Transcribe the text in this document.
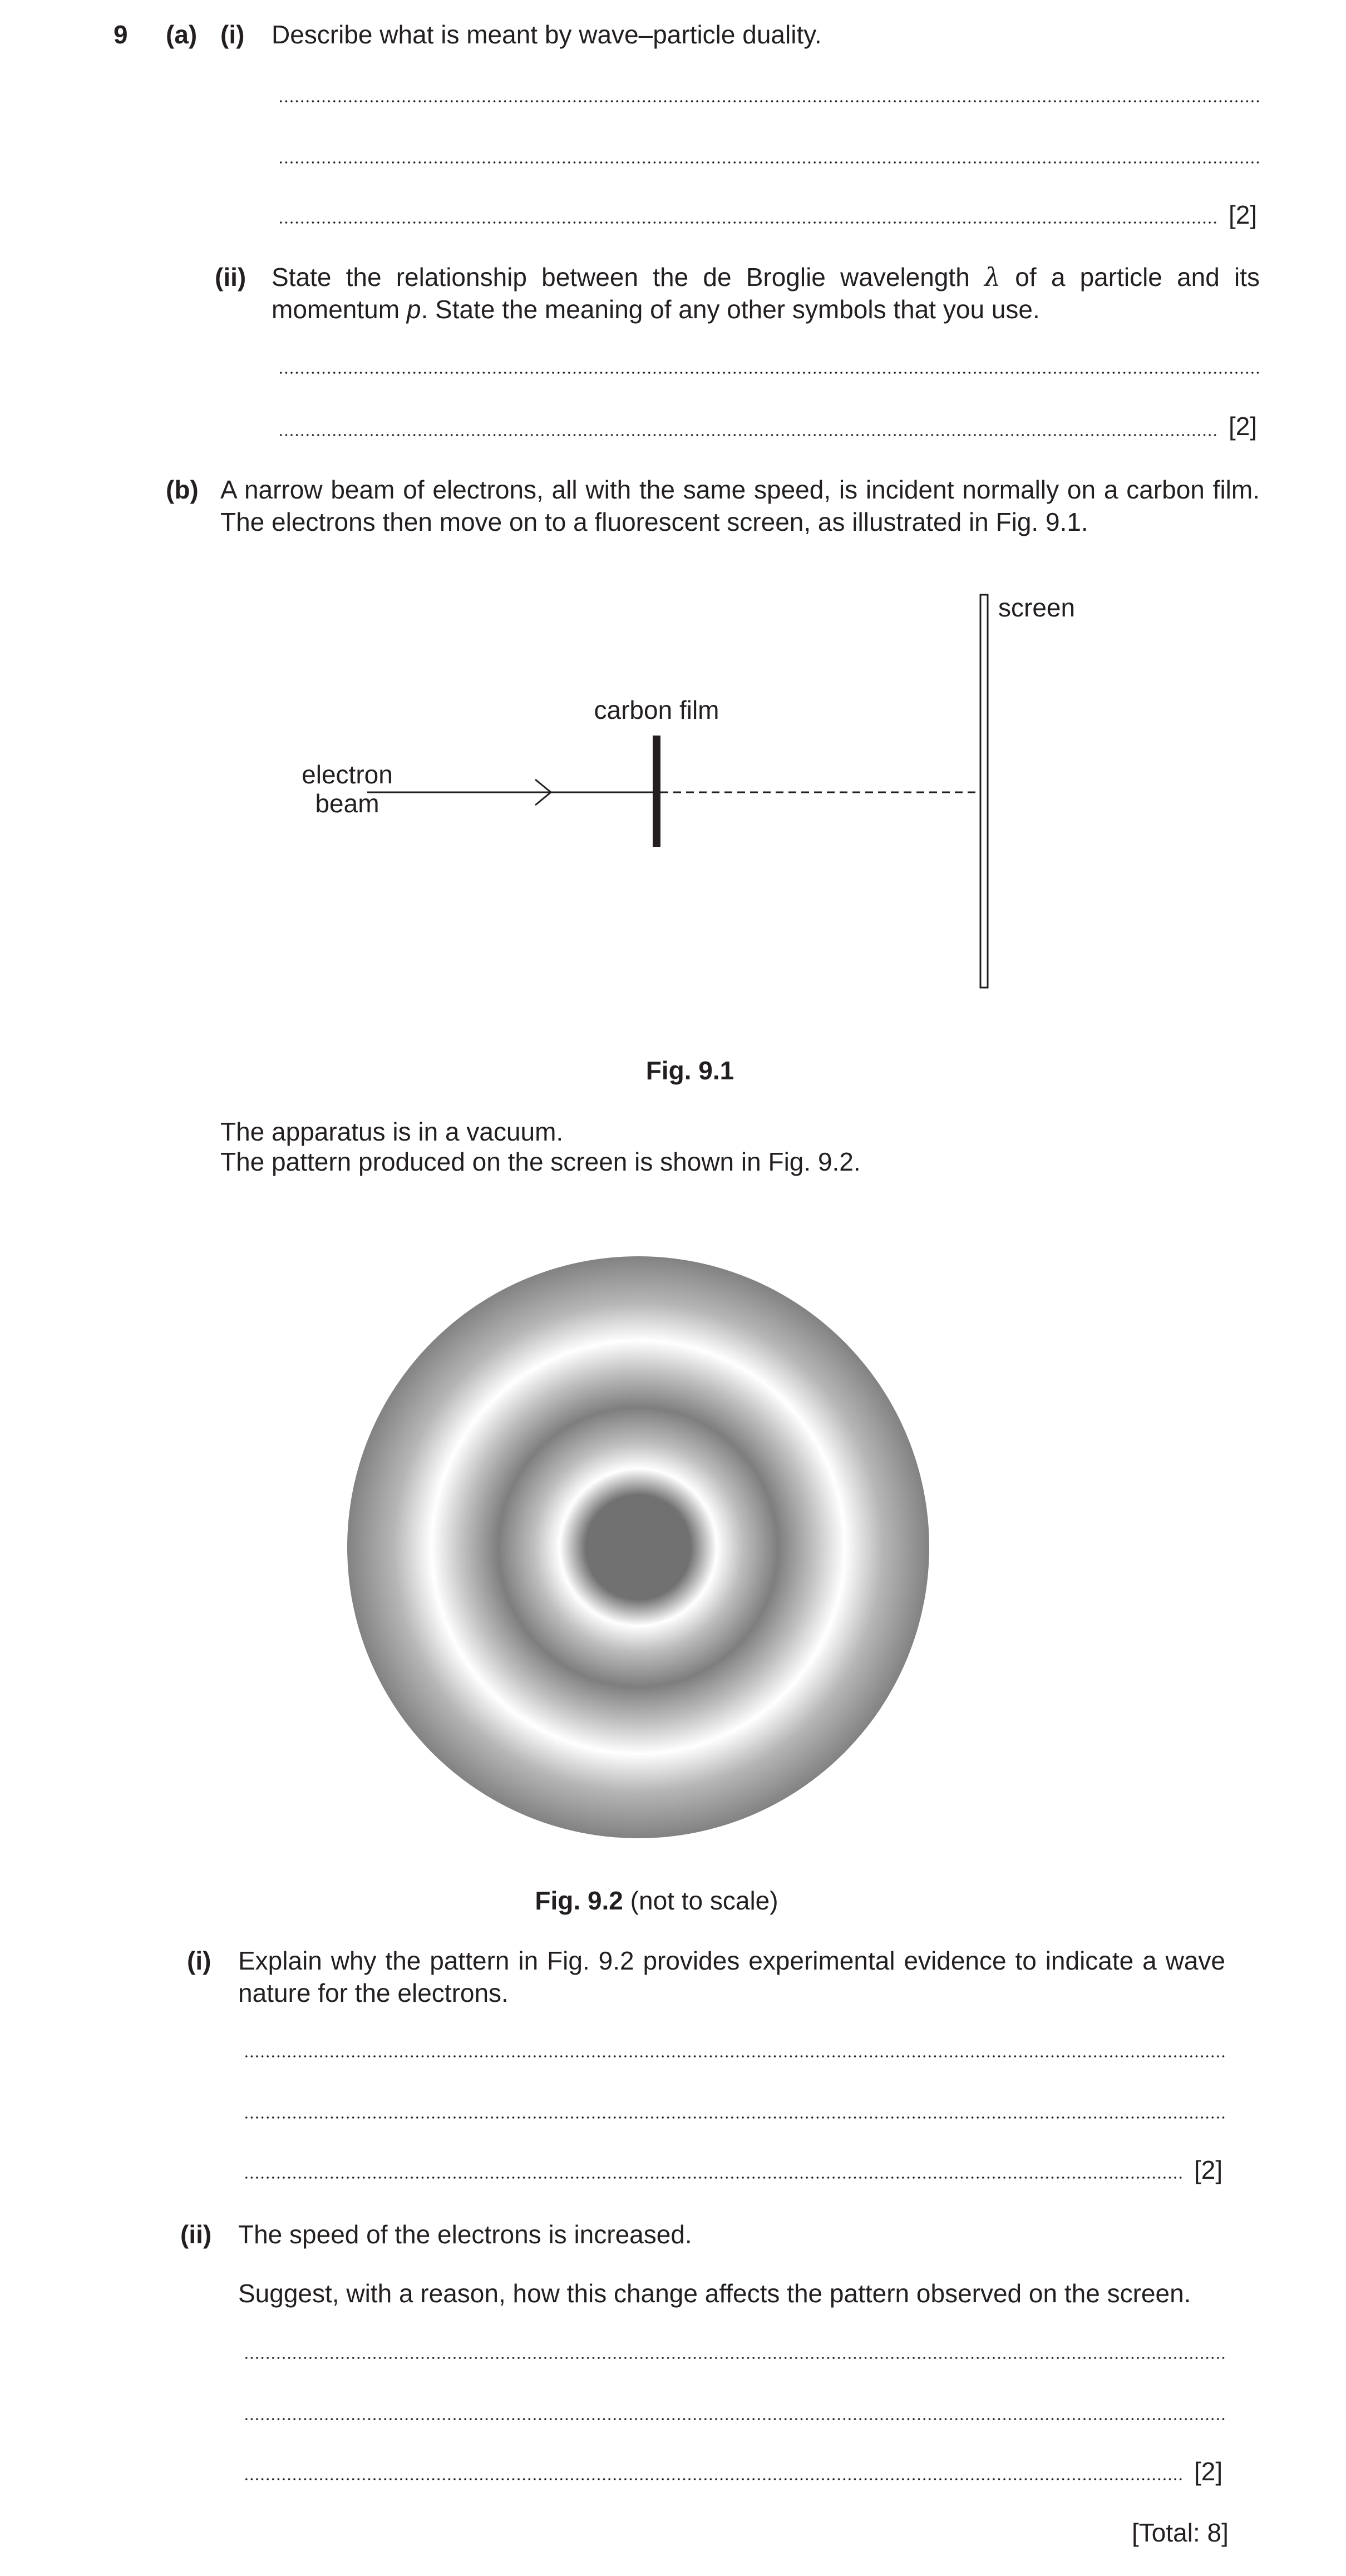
9 (a) (i) Describe what is meant by wave–particle duality.
[2]
(ii) State the relationship between the de Broglie wavelength λ of a particle and its
momentum p. State the meaning of any other symbols that you use.
[2]
(b) A narrow beam of electrons, all with the same speed, is incident normally on a carbon film.
The electrons then move on to a fluorescent screen, as illustrated in Fig. 9.1.
screen
carbon film
electron
beam
Fig. 9.1
The apparatus is in a vacuum.
The pattern produced on the screen is shown in Fig. 9.2.
Fig. 9.2 (not to scale)
(i) Explain why the pattern in Fig. 9.2 provides experimental evidence to indicate a wave
nature for the electrons.
[2]
(ii) The speed of the electrons is increased.
Suggest, with a reason, how this change affects the pattern observed on the screen.
[2]
[Total: 8]
